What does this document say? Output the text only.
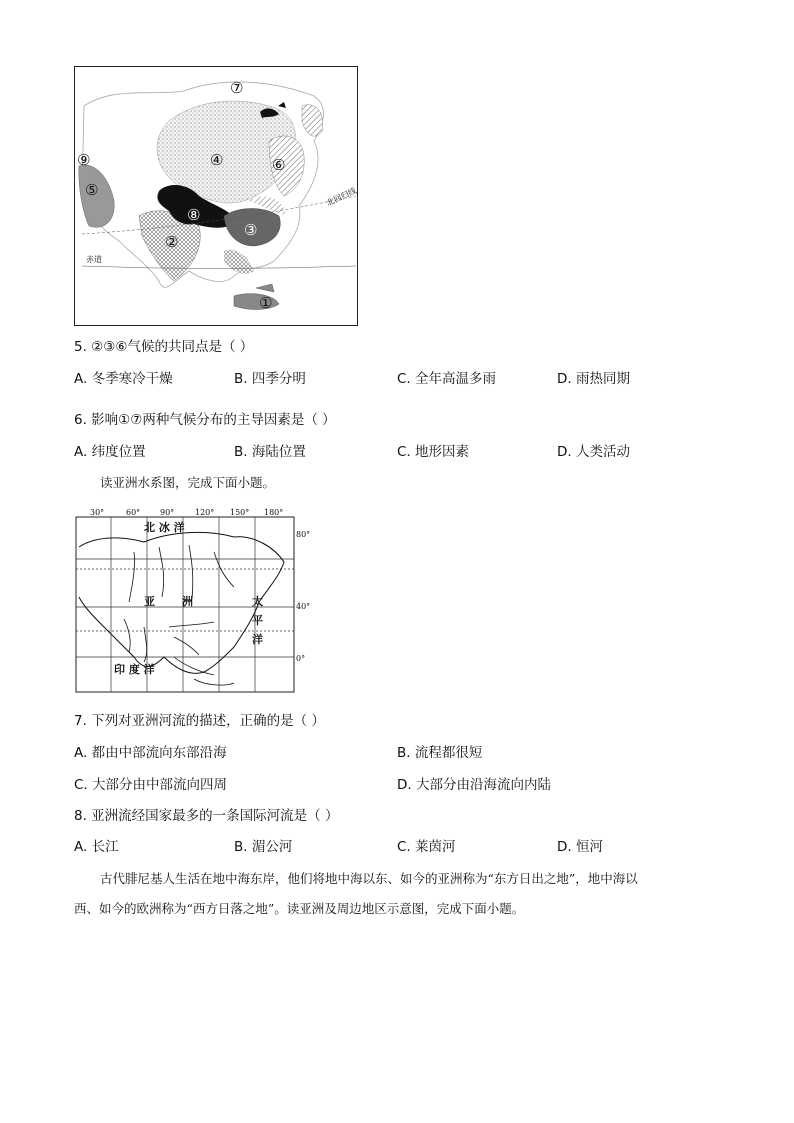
北回归线
赤道
⑦
④	⑥
⑨
⑤
⑧
③
②
①
5. ②③⑥气候的共同点是（ ）
A. 冬季寒冷干燥	B. 四季分明	C. 全年高温多雨	D. 雨热同期
6. 影响①⑦两种气候分布的主导因素是（ ）
A. 纬度位置	B. 海陆位置	C. 地形因素	D. 人类活动
读亚洲水系图，完成下面小题。
30°	60° 90°	120° 150° 180°
80°
40°
0°
北 冰 洋
亚 洲	太
平
洋
印 度 洋
7. 下列对亚洲河流的描述，正确的是（ ）
A. 都由中部流向东部沿海	B. 流程都很短
C. 大部分由中部流向四周	D. 大部分由沿海流向内陆
8. 亚洲流经国家最多的一条国际河流是（ ）
A. 长江	B. 湄公河	C. 莱茵河	D. 恒河
古代腓尼基人生活在地中海东岸，他们将地中海以东、如今的亚洲称为“东方日出之地”，地中海以
西、如今的欧洲称为“西方日落之地”。读亚洲及周边地区示意图，完成下面小题。
